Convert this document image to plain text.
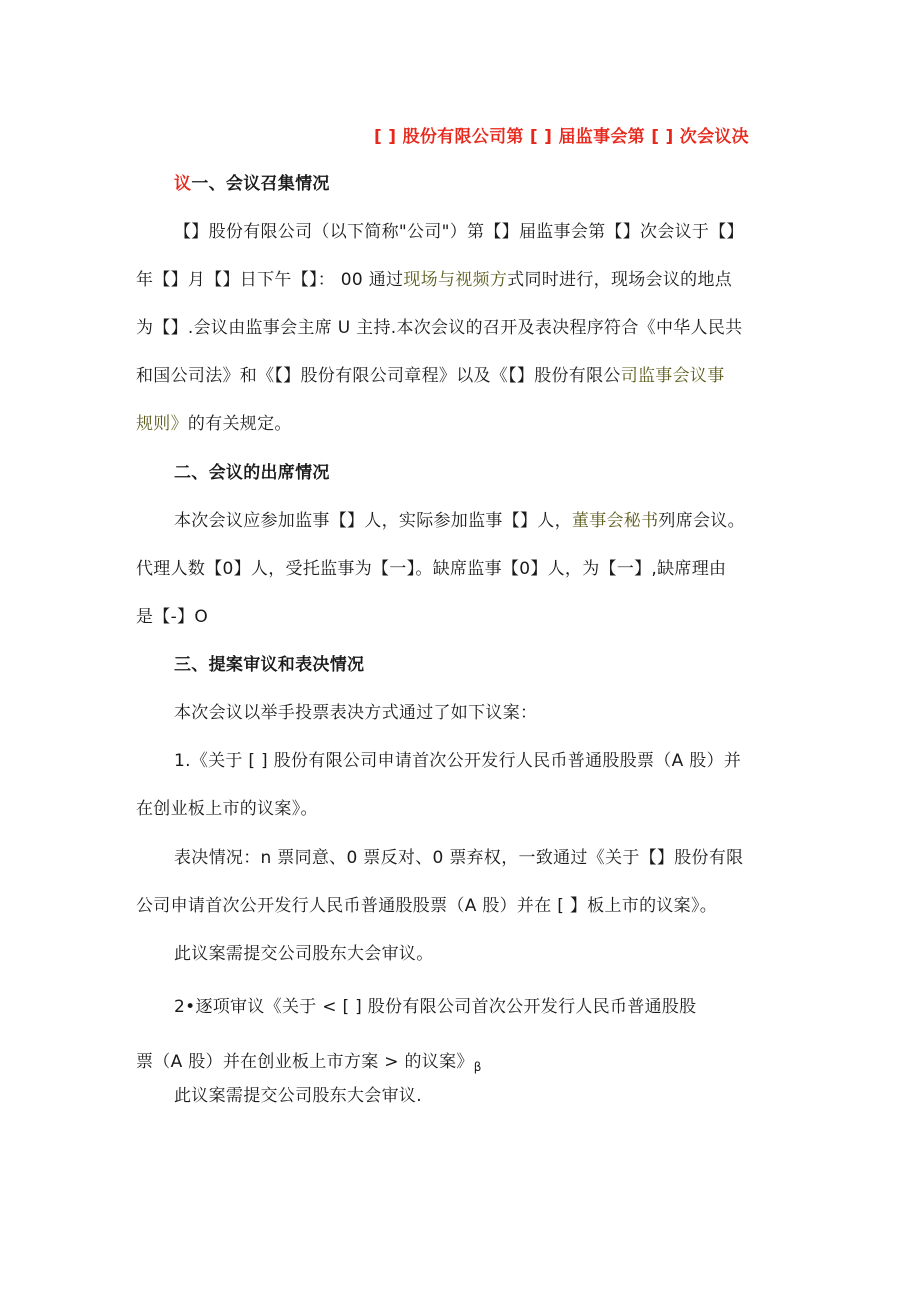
[ ] 股份有限公司第 [ ] 届监事会第 [ ] 次会议决
议一、会议召集情况
【】股份有限公司（以下简称"公司"）第【】届监事会第【】次会议于【】
年【】月【】日下午【】： 00 通过现场与视频方式同时进行，现场会议的地点
为【】.会议由监事会主席 U 主持.本次会议的召开及表决程序符合《中华人民共
和国公司法》和《【】股份有限公司章程》以及《【】股份有限公司监事会议事
规则》的有关规定。
二、会议的出席情况
本次会议应参加监事【】人，实际参加监事【】人，董事会秘书列席会议。
代理人数【0】人，受托监事为【一】。缺席监事【0】人，为【一】,缺席理由
是【-】O
三、提案审议和表决情况
本次会议以举手投票表决方式通过了如下议案：
1.《关于 [ ] 股份有限公司申请首次公开发行人民币普通股股票（A 股）并
在创业板上市的议案》。
表决情况：n 票同意、0 票反对、0 票弃权，一致通过《关于【】股份有限
公司申请首次公开发行人民币普通股股票（A 股）并在 [ 】板上市的议案》。
此议案需提交公司股东大会审议。
2•逐项审议《关于 < [ ] 股份有限公司首次公开发行人民币普通股股
票（A 股）并在创业板上市方案 > 的议案》$_\beta$
此议案需提交公司股东大会审议.
